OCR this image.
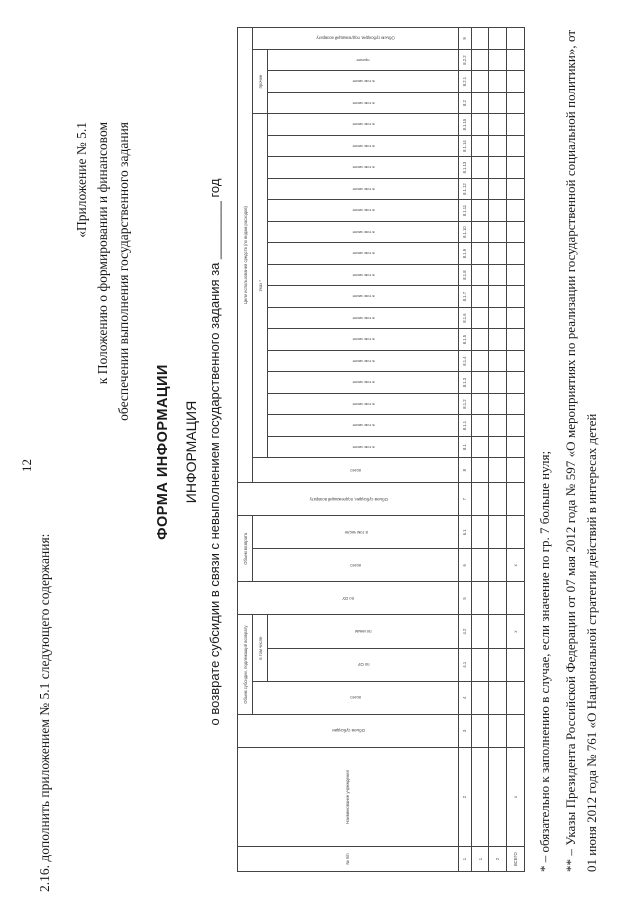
12
2.16. дополнить приложением № 5.1 следующего содержания:
«Приложение № 5.1 к Положению о формировании и финансовом обеспечении выполнения государственного задания
ФОРМА ИНФОРМАЦИИ ИНФОРМАЦИЯ о возврате субсидии в связи с невыполнением государственного задания за ________ год
№ п/п	Наименование учреждения	Объем субсидии	Объем субсидии, подлежащий возврату			по ОУ	Объем возврата		Объем субсидии, подлежащий возврату	Цели использования средств (по видам расходов)																				
			всего	в том числе			всего	в том числе		всего	Указ *																прочие			Объем субсидии, подлежащий возврату
				по ОУ	по иным						в том числе	в том числе	в том числе	в том числе	в том числе	в том числе	в том числе	в том числе	в том числе	в том числе	в том числе	в том числе	в том числе	в том числе	в том числе	в том числе	в том числе	в том числе	прочие	
1	2	3	4	4.1	4.2	5	6	6.1	7	8	8.1	8.1.1	8.1.2	8.1.3	8.1.4	8.1.5	8.1.6	8.1.7	8.1.8	8.1.9	8.1.10	8.1.11	8.1.12	8.1.13	8.1.14	8.1.15	8.2	8.2.1	8.2.2	9
1																														
2																														
ВСЕГО	x				x		x																							* – обязательно к заполнению в случае, если значение по гр. 7 больше нуля; ** – Указы Президента Российской Федерации от 07 мая 2012 года № 597 «О мероприятиях по реализации государственной социальной политики», от 01 июня 2012 года № 761 «О Национальной стратегии действий в интересах детей
